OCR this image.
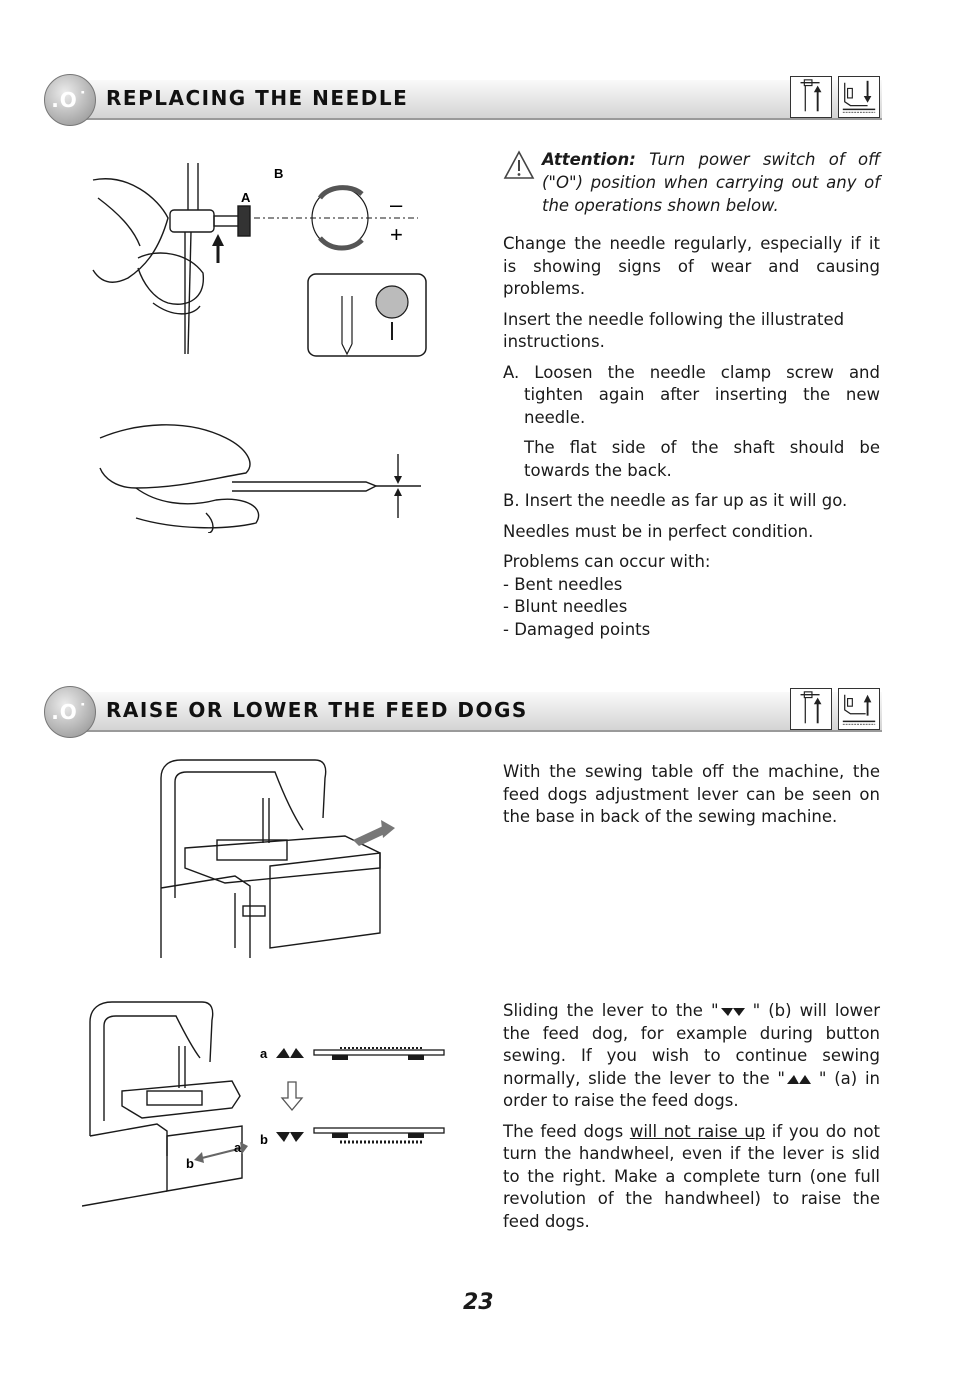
.O˙ REPLACING THE NEEDLE
B
A	–
+
Attention: Turn power switch of off ("O") position when carrying out any of the operations shown below.

Change the needle regularly, especially if it is showing signs of wear and causing problems.

Insert the needle following the illustrated instructions.

A. Loosen the needle clamp screw and tighten again after inserting the new needle.

The flat side of the shaft should be towards the back.

B. Insert the needle as far up as it will go.

Needles must be in perfect condition.

Problems can occur with:

- Bent needles
- Blunt needles
- Damaged points
.O˙ RAISE OR LOWER THE FEED DOGS
b
a
a
b

With the sewing table off the machine, the feed dogs adjustment lever can be seen on the base in back of the sewing machine.

Sliding the lever to the " " (b) will lower the feed dog, for example during button sewing. If you wish to continue sewing normally, slide the lever to the " " (a) in order to raise the feed dogs.

The feed dogs will not raise up if you do not turn the handwheel, even if the lever is slid to the right. Make a complete turn (one full revolution of the handwheel) to raise the feed dogs.

23
